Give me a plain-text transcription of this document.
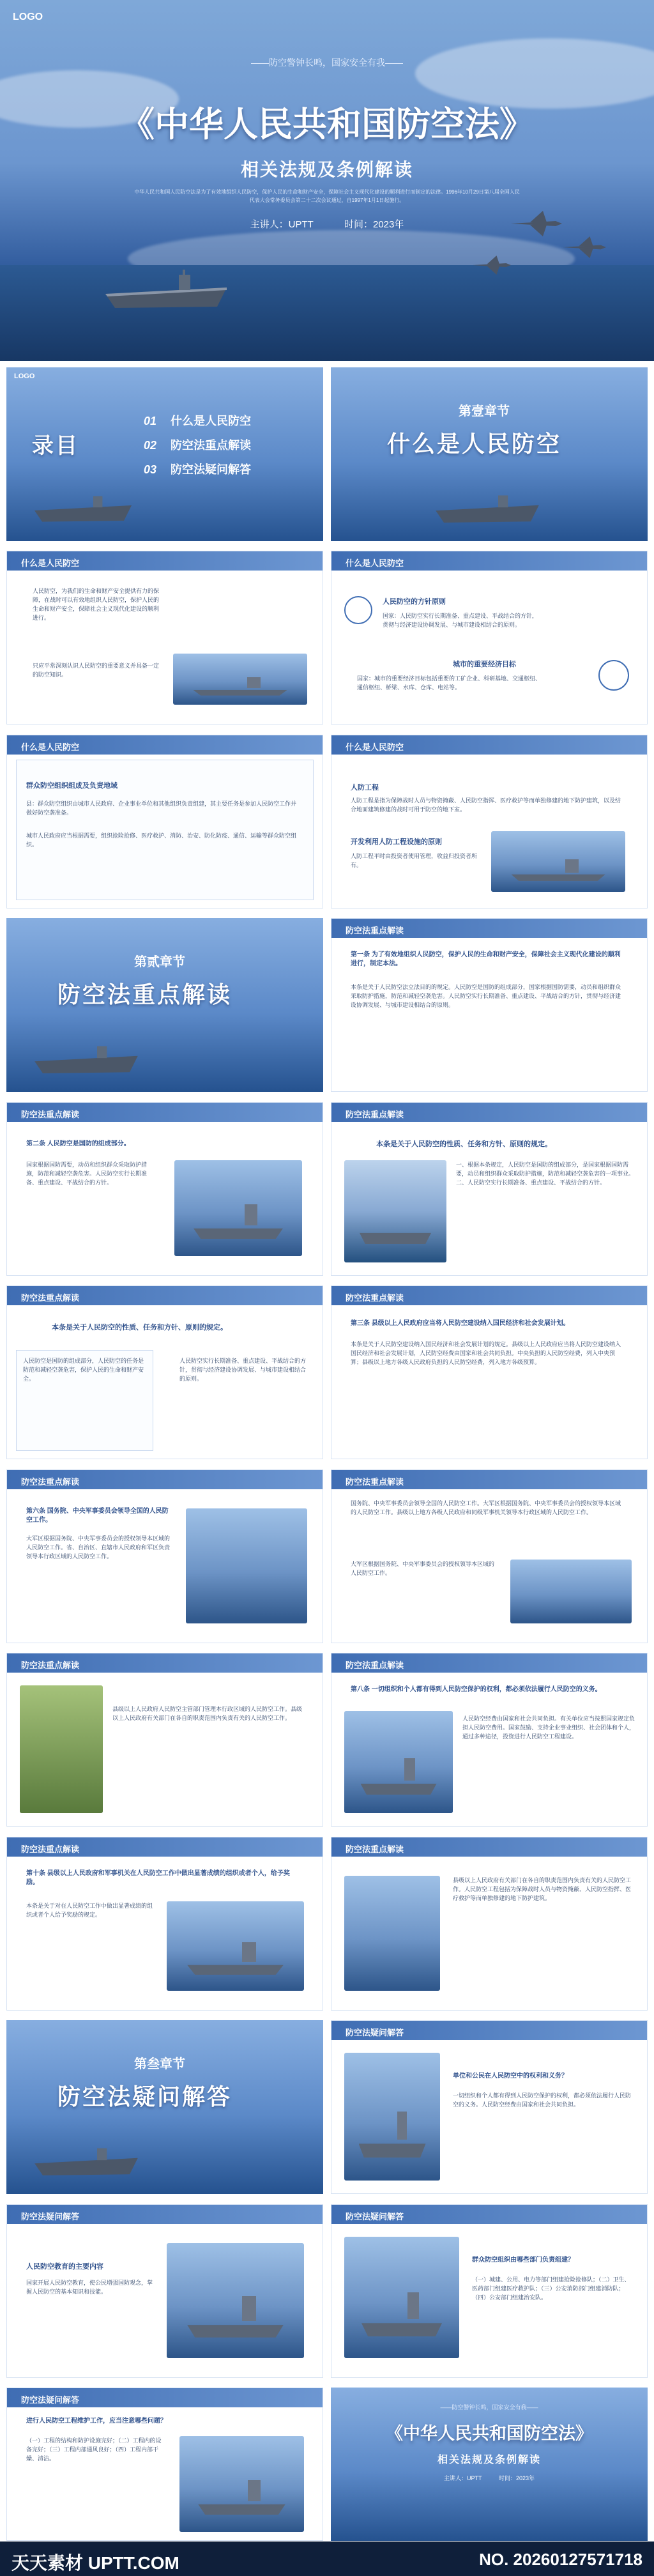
LOGO
——防空警钟长鸣，国家安全有我——
《中华人民共和国防空法》
相关法规及条例解读
中华人民共和国人民防空法是为了有效地组织人民防空，保护人民的生命和财产安全，保障社会主义现代化建设的顺利进行而制定的法律。1996年10月29日第八届全国人民代表大会常务委员会第二十二次会议通过，自1997年1月1日起施行。
主讲人：UPTT	时间：2023年
LOGO
录目
01 什么是人民防空
02 防空法重点解读
03 防空法疑问解答
第壹章节
什么是人民防空
什么是人民防空
人民防空，为我们的生命和财产安全提供有力的保障，在战时可以有效地组织人民防空，保护人民的生命和财产安全，保障社会主义现代化建设的顺利进行。
只应平常深刻认识人民防空的重要意义并具备一定的防空知识。
什么是人民防空
人民防空的方针原则
国家：人民防空实行长期准备、重点建设、平战结合的方针，贯彻与经济建设协调发展、与城市建设相结合的原则。
城市的重要经济目标
国家：城市的重要经济目标包括重要的工矿企业、科研基地、交通枢纽、通信枢纽、桥梁、水库、仓库、电站等。
什么是人民防空
群众防空组织组成及负责地域
县：群众防空组织由城市人民政府、企业事业单位和其他组织负责组建，其主要任务是参加人民防空工作并做好防空袭准备。
城市人民政府应当根据需要，组织抢险抢修、医疗救护、消防、治安、防化防疫、通信、运输等群众防空组织。
什么是人民防空
人防工程
人防工程是指为保障战时人员与物资掩蔽、人民防空指挥、医疗救护等而单独修建的地下防护建筑，以及结合地面建筑修建的战时可用于防空的地下室。
开发利用人防工程设施的原则
人防工程平时由投资者使用管理，收益归投资者所有。
第贰章节
防空法重点解读
防空法重点解读
第一条 为了有效地组织人民防空，保护人民的生命和财产安全，保障社会主义现代化建设的顺利进行，制定本法。
本条是关于人民防空法立法目的的规定。人民防空是国防的组成部分，国家根据国防需要，动员和组织群众采取防护措施，防范和减轻空袭危害。人民防空实行长期准备、重点建设、平战结合的方针，贯彻与经济建设协调发展、与城市建设相结合的原则。
防空法重点解读
第二条 人民防空是国防的组成部分。
国家根据国防需要，动员和组织群众采取防护措施，防范和减轻空袭危害。人民防空实行长期准备、重点建设、平战结合的方针。
防空法重点解读
本条是关于人民防空的性质、任务和方针、原则的规定。
一、根据本条规定，人民防空是国防的组成部分，是国家根据国防需要，动员和组织群众采取防护措施，防范和减轻空袭危害的一项事业。二、人民防空实行长期准备、重点建设、平战结合的方针。
防空法重点解读
本条是关于人民防空的性质、任务和方针、原则的规定。
人民防空是国防的组成部分，人民防空的任务是防范和减轻空袭危害，保护人民的生命和财产安全。
人民防空实行长期准备、重点建设、平战结合的方针，贯彻与经济建设协调发展、与城市建设相结合的原则。
防空法重点解读
第三条 县级以上人民政府应当将人民防空建设纳入国民经济和社会发展计划。
本条是关于人民防空建设纳入国民经济和社会发展计划的规定。县级以上人民政府应当将人民防空建设纳入国民经济和社会发展计划，人民防空经费由国家和社会共同负担。中央负担的人民防空经费，列入中央预算；县级以上地方各级人民政府负担的人民防空经费，列入地方各级预算。
防空法重点解读
第六条 国务院、中央军事委员会领导全国的人民防空工作。
大军区根据国务院、中央军事委员会的授权领导本区域的人民防空工作。省、自治区、直辖市人民政府和军区负责领导本行政区域的人民防空工作。
防空法重点解读
国务院、中央军事委员会领导全国的人民防空工作。大军区根据国务院、中央军事委员会的授权领导本区域的人民防空工作。县级以上地方各级人民政府和同级军事机关领导本行政区域的人民防空工作。
大军区根据国务院、中央军事委员会的授权领导本区域的人民防空工作。
防空法重点解读
县级以上人民政府人民防空主管部门管理本行政区域的人民防空工作。县级以上人民政府有关部门在各自的职责范围内负责有关的人民防空工作。
防空法重点解读
第八条 一切组织和个人都有得到人民防空保护的权利，都必须依法履行人民防空的义务。
人民防空经费由国家和社会共同负担。有关单位应当按照国家规定负担人民防空费用。国家鼓励、支持企业事业组织、社会团体和个人，通过多种途径，投资进行人民防空工程建设。
防空法重点解读
第十条 县级以上人民政府和军事机关在人民防空工作中做出显著成绩的组织或者个人，给予奖励。
本条是关于对在人民防空工作中做出显著成绩的组织或者个人给予奖励的规定。
防空法重点解读
县级以上人民政府有关部门在各自的职责范围内负责有关的人民防空工作。人民防空工程包括为保障战时人员与物资掩蔽、人民防空指挥、医疗救护等而单独修建的地下防护建筑。
第叁章节
防空法疑问解答
防空法疑问解答
单位和公民在人民防空中的权利和义务？
一切组织和个人都有得到人民防空保护的权利，都必须依法履行人民防空的义务。人民防空经费由国家和社会共同负担。
防空法疑问解答
人民防空教育的主要内容
国家开展人民防空教育，使公民增强国防观念，掌握人民防空的基本知识和技能。
防空法疑问解答
群众防空组织由哪些部门负责组建？
（一）城建、公用、电力等部门组建抢险抢修队；（二）卫生、医药部门组建医疗救护队；（三）公安消防部门组建消防队；（四）公安部门组建治安队。
防空法疑问解答
进行人民防空工程维护工作，应当注意哪些问题？
（一）工程的结构和防护设施完好；（二）工程内的设备完好；（三）工程内部通风良好；（四）工程内部干燥、清洁。
——防空警钟长鸣，国家安全有我——
《中华人民共和国防空法》
相关法规及条例解读
主讲人：UPTT	时间：2023年
天天素材 UPTT.COM	NO. 20260127571718
